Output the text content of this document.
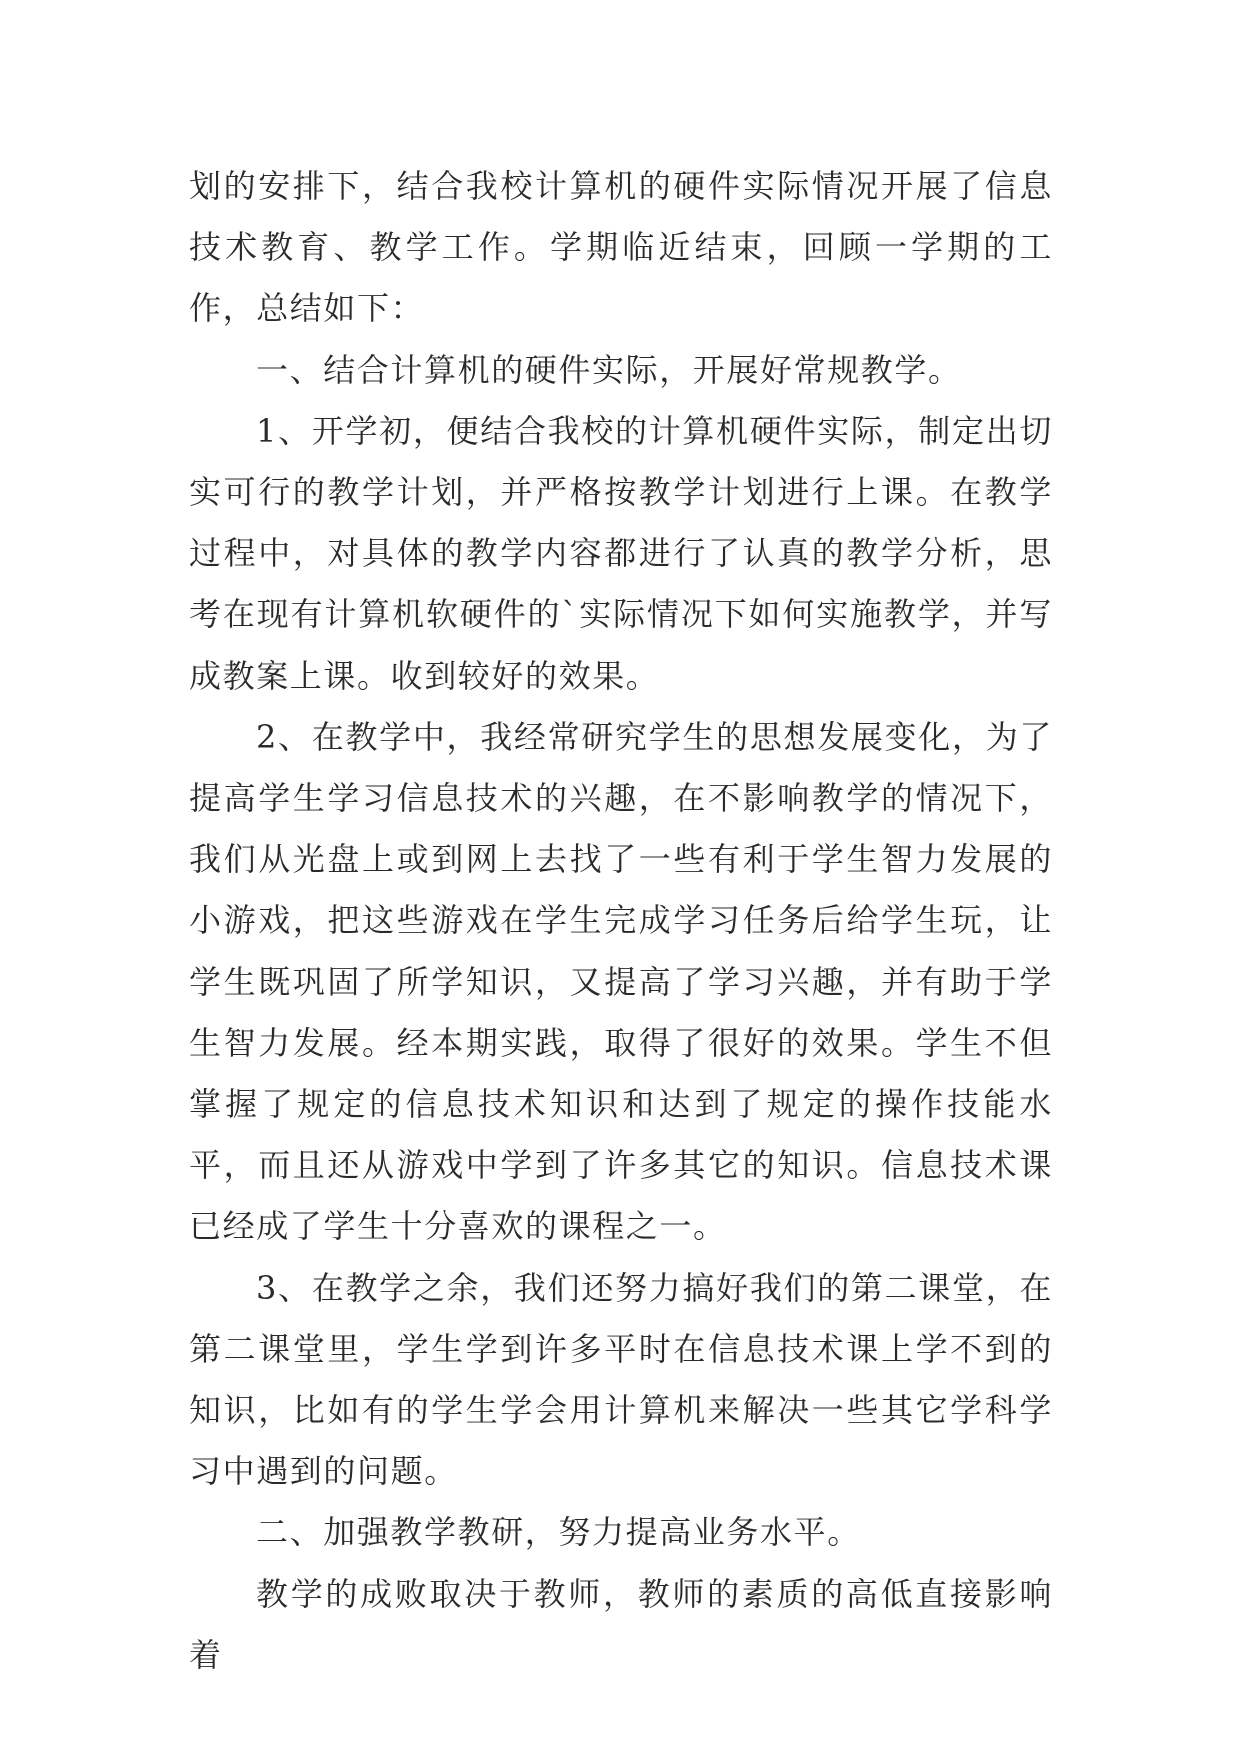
划的安排下，结合我校计算机的硬件实际情况开展了信息技术教育、教学工作。学期临近结束，回顾一学期的工作，总结如下：

一、结合计算机的硬件实际，开展好常规教学。

1、开学初，便结合我校的计算机硬件实际，制定出切实可行的教学计划，并严格按教学计划进行上课。在教学过程中，对具体的教学内容都进行了认真的教学分析，思考在现有计算机软硬件的`实际情况下如何实施教学，并写成教案上课。收到较好的效果。

2、在教学中，我经常研究学生的思想发展变化，为了提高学生学习信息技术的兴趣，在不影响教学的情况下，我们从光盘上或到网上去找了一些有利于学生智力发展的小游戏，把这些游戏在学生完成学习任务后给学生玩，让学生既巩固了所学知识，又提高了学习兴趣，并有助于学生智力发展。经本期实践，取得了很好的效果。学生不但掌握了规定的信息技术知识和达到了规定的操作技能水平，而且还从游戏中学到了许多其它的知识。信息技术课已经成了学生十分喜欢的课程之一。

3、在教学之余，我们还努力搞好我们的第二课堂，在第二课堂里，学生学到许多平时在信息技术课上学不到的知识，比如有的学生学会用计算机来解决一些其它学科学习中遇到的问题。

二、加强教学教研，努力提高业务水平。

教学的成败取决于教师，教师的素质的高低直接影响着
